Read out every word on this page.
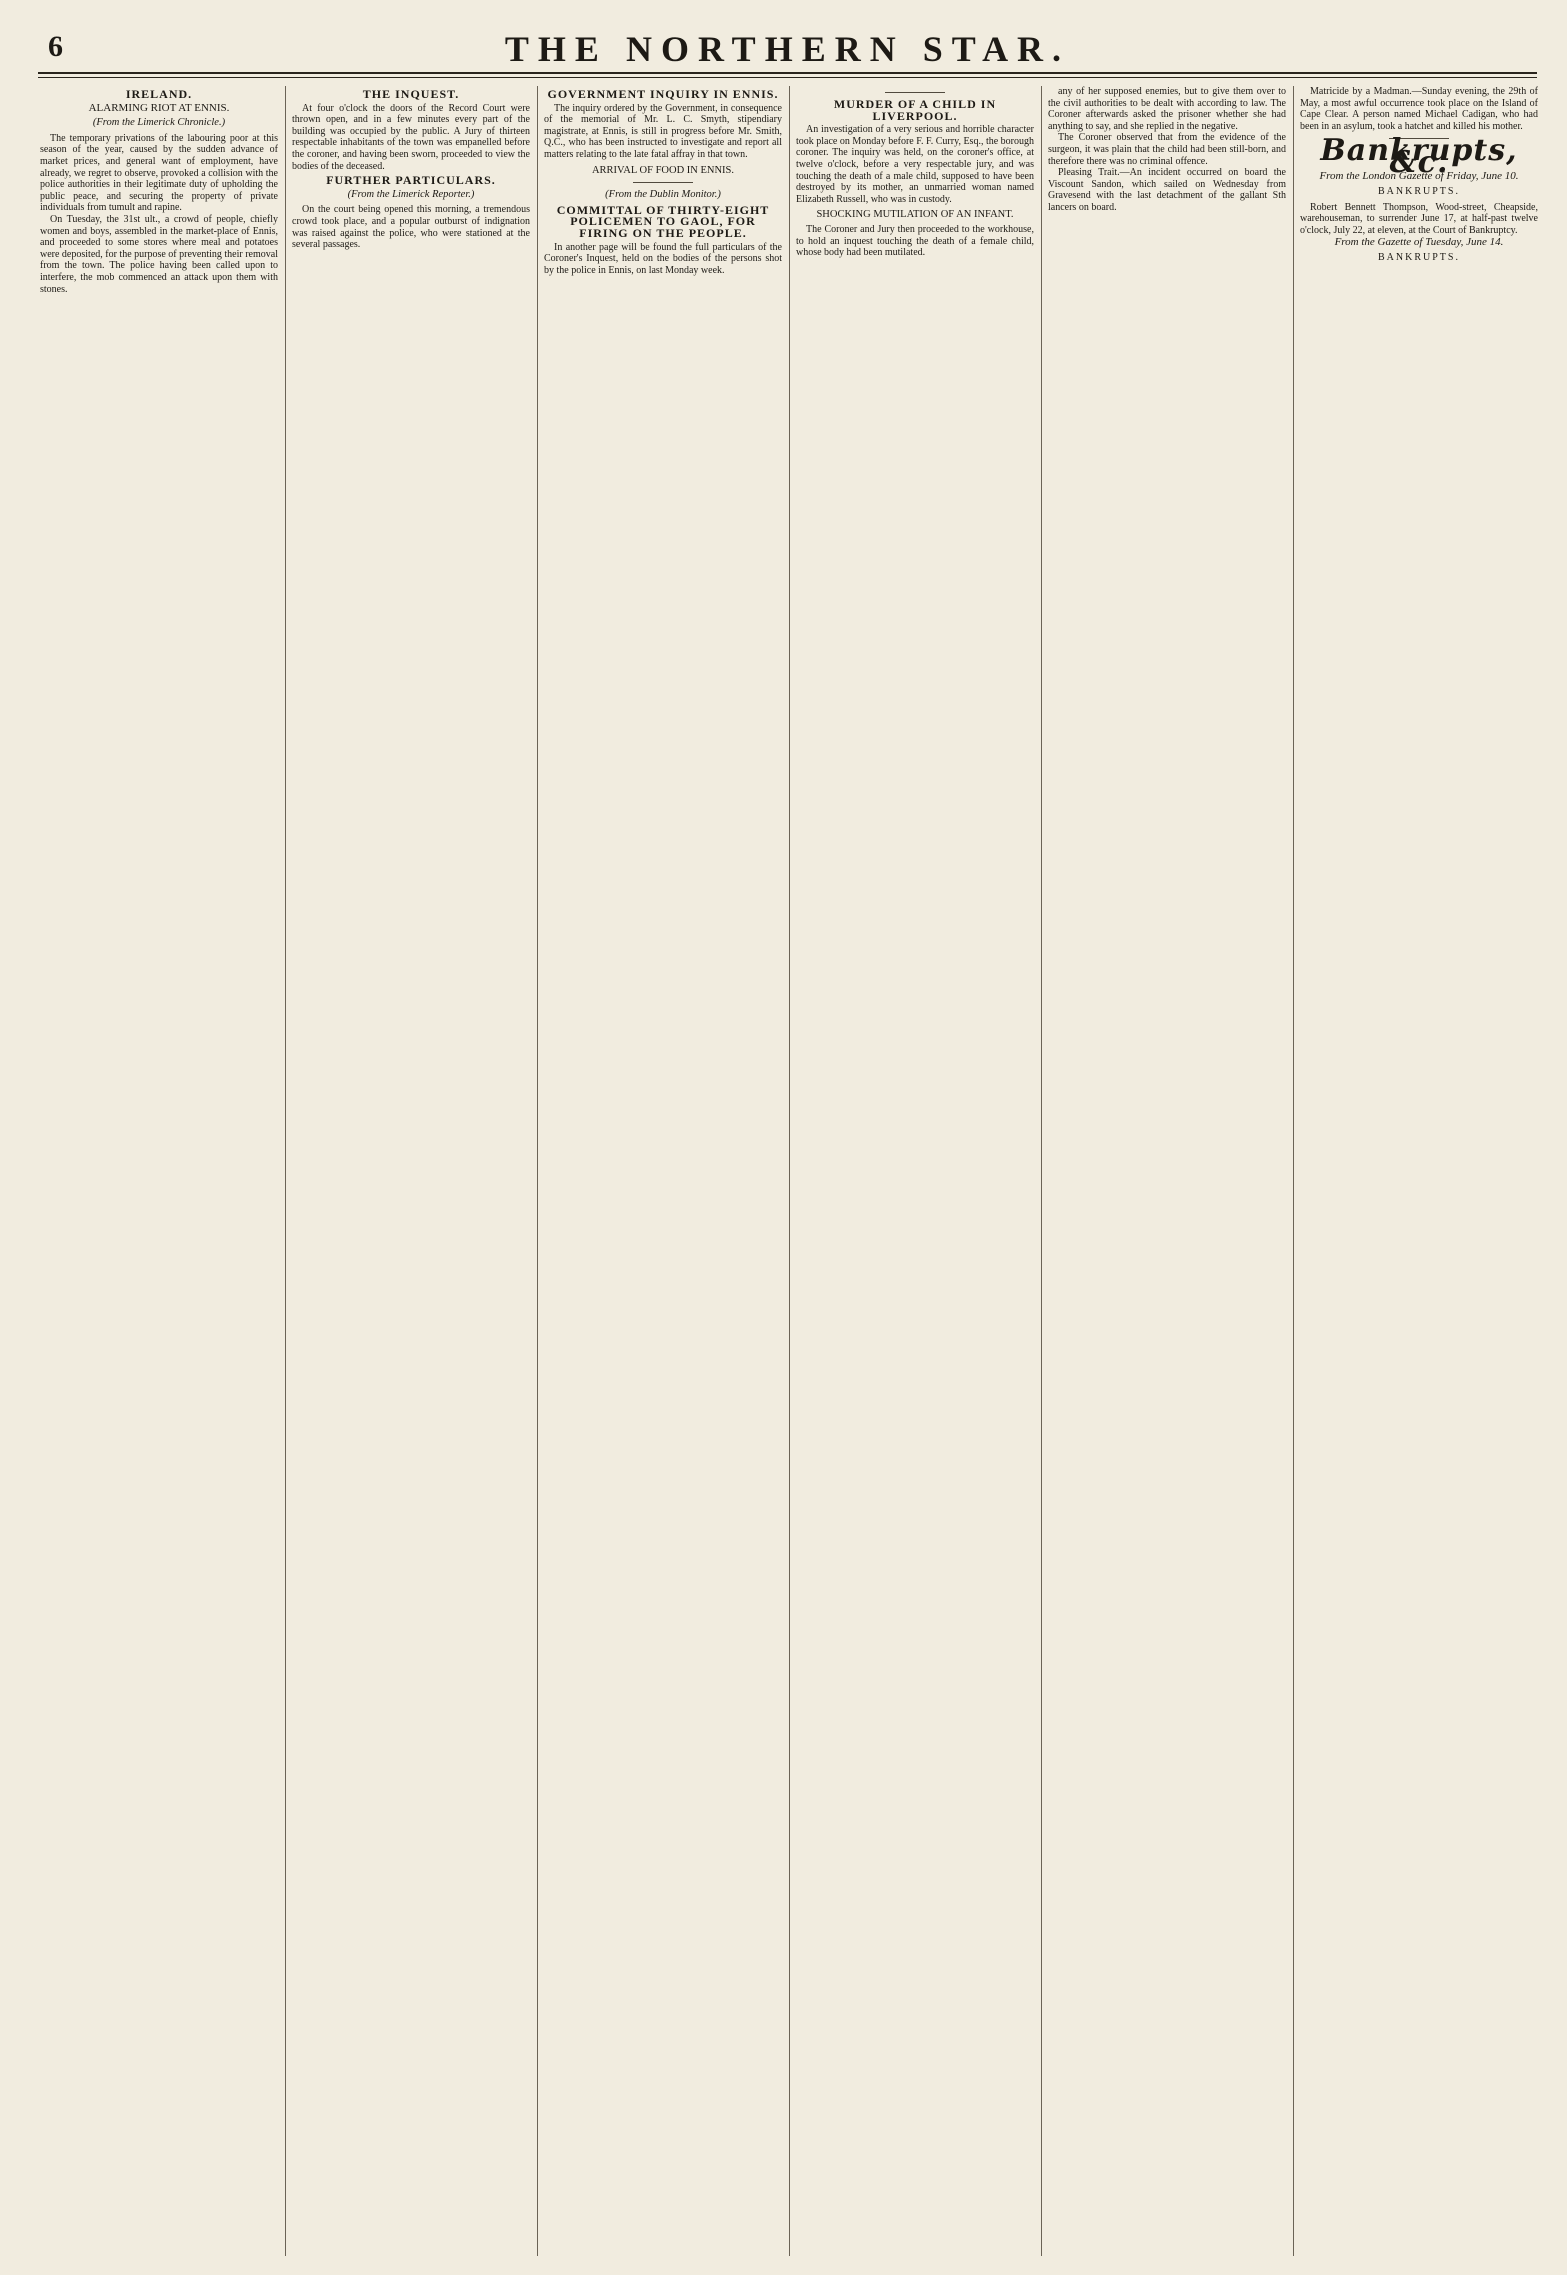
6	THE NORTHERN STAR.
IRELAND.
ALARMING RIOT AT ENNIS.
(From the Limerick Chronicle.)

The temporary privations of the labouring poor at this season of the year, caused by the sudden advance of market prices, and general want of employment, have already, we regret to observe, provoked a collision with the police authorities in their legitimate duty of upholding the public peace, and securing the property of private individuals from tumult and rapine.

On Tuesday, the 31st ult., a crowd of people, chiefly women and boys, assembled in the market-place of Ennis, and proceeded to some stores where meal and potatoes were deposited, for the purpose of preventing their removal from the town. The police having been called upon to interfere, the mob commenced an attack upon them with stones.

THE INQUEST.

At four o'clock the doors of the Record Court were thrown open, and in a few minutes every part of the building was occupied by the public. A Jury of thirteen respectable inhabitants of the town was empanelled before the coroner, and having been sworn, proceeded to view the bodies of the deceased.

FURTHER PARTICULARS.
(From the Limerick Reporter.)

On the court being opened this morning, a tremendous crowd took place, and a popular outburst of indignation was raised against the police, who were stationed at the several passages.

GOVERNMENT INQUIRY IN ENNIS.

The inquiry ordered by the Government, in consequence of the memorial of Mr. L. C. Smyth, stipendiary magistrate, at Ennis, is still in progress before Mr. Smith, Q.C., who has been instructed to investigate and report all matters relating to the late fatal affray in that town.

ARRIVAL OF FOOD IN ENNIS.
(From the Dublin Monitor.)
COMMITTAL OF THIRTY-EIGHT POLICEMEN TO GAOL, FOR FIRING ON THE PEOPLE.

In another page will be found the full particulars of the Coroner's Inquest, held on the bodies of the persons shot by the police in Ennis, on last Monday week.

MURDER OF A CHILD IN LIVERPOOL.

An investigation of a very serious and horrible character took place on Monday before F. F. Curry, Esq., the borough coroner. The inquiry was held, on the coroner's office, at twelve o'clock, before a very respectable jury, and was touching the death of a male child, supposed to have been destroyed by its mother, an unmarried woman named Elizabeth Russell, who was in custody.

SHOCKING MUTILATION OF AN INFANT.

The Coroner and Jury then proceeded to the workhouse, to hold an inquest touching the death of a female child, whose body had been mutilated.

any of her supposed enemies, but to give them over to the civil authorities to be dealt with according to law. The Coroner afterwards asked the prisoner whether she had anything to say, and she replied in the negative.

The Coroner observed that from the evidence of the surgeon, it was plain that the child had been still-born, and therefore there was no criminal offence.

Pleasing Trait.—An incident occurred on board the Viscount Sandon, which sailed on Wednesday from Gravesend with the last detachment of the gallant Sth lancers on board.

Matricide by a Madman.—Sunday evening, the 29th of May, a most awful occurrence took place on the Island of Cape Clear. A person named Michael Cadigan, who had been in an asylum, took a hatchet and killed his mother.

Bankrupts, &c.
From the London Gazette of Friday, June 10.
BANKRUPTS.

Robert Bennett Thompson, Wood-street, Cheapside, warehouseman, to surrender June 17, at half-past twelve o'clock, July 22, at eleven, at the Court of Bankruptcy.

From the Gazette of Tuesday, June 14.
BANKRUPTS.
